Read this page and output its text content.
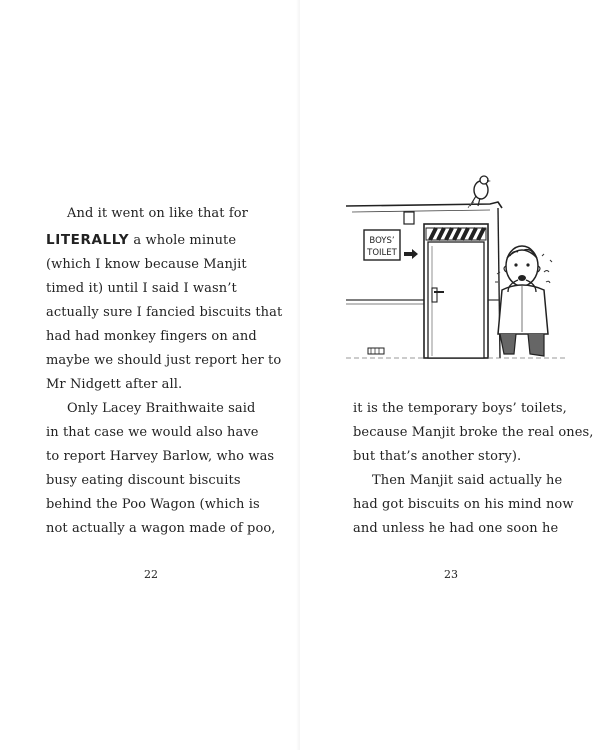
And it went on like that for
LITERALLY a whole minute
(which I know because Manjit
timed it) until I said I wasn’t
actually sure I fancied biscuits that
had had monkey fingers on and
maybe we should just report her to
Mr Nidgett after all.
Only Lacey Braithwaite said
in that case we would also have
to report Harvey Barlow, who was
busy eating discount biscuits
behind the Poo Wagon (which is
not actually a wagon made of poo,
22
BOYS’
TOILET
it is the temporary boys’ toilets,
because Manjit broke the real ones,
but that’s another story).
Then Manjit said actually he
had got biscuits on his mind now
and unless he had one soon he
23
